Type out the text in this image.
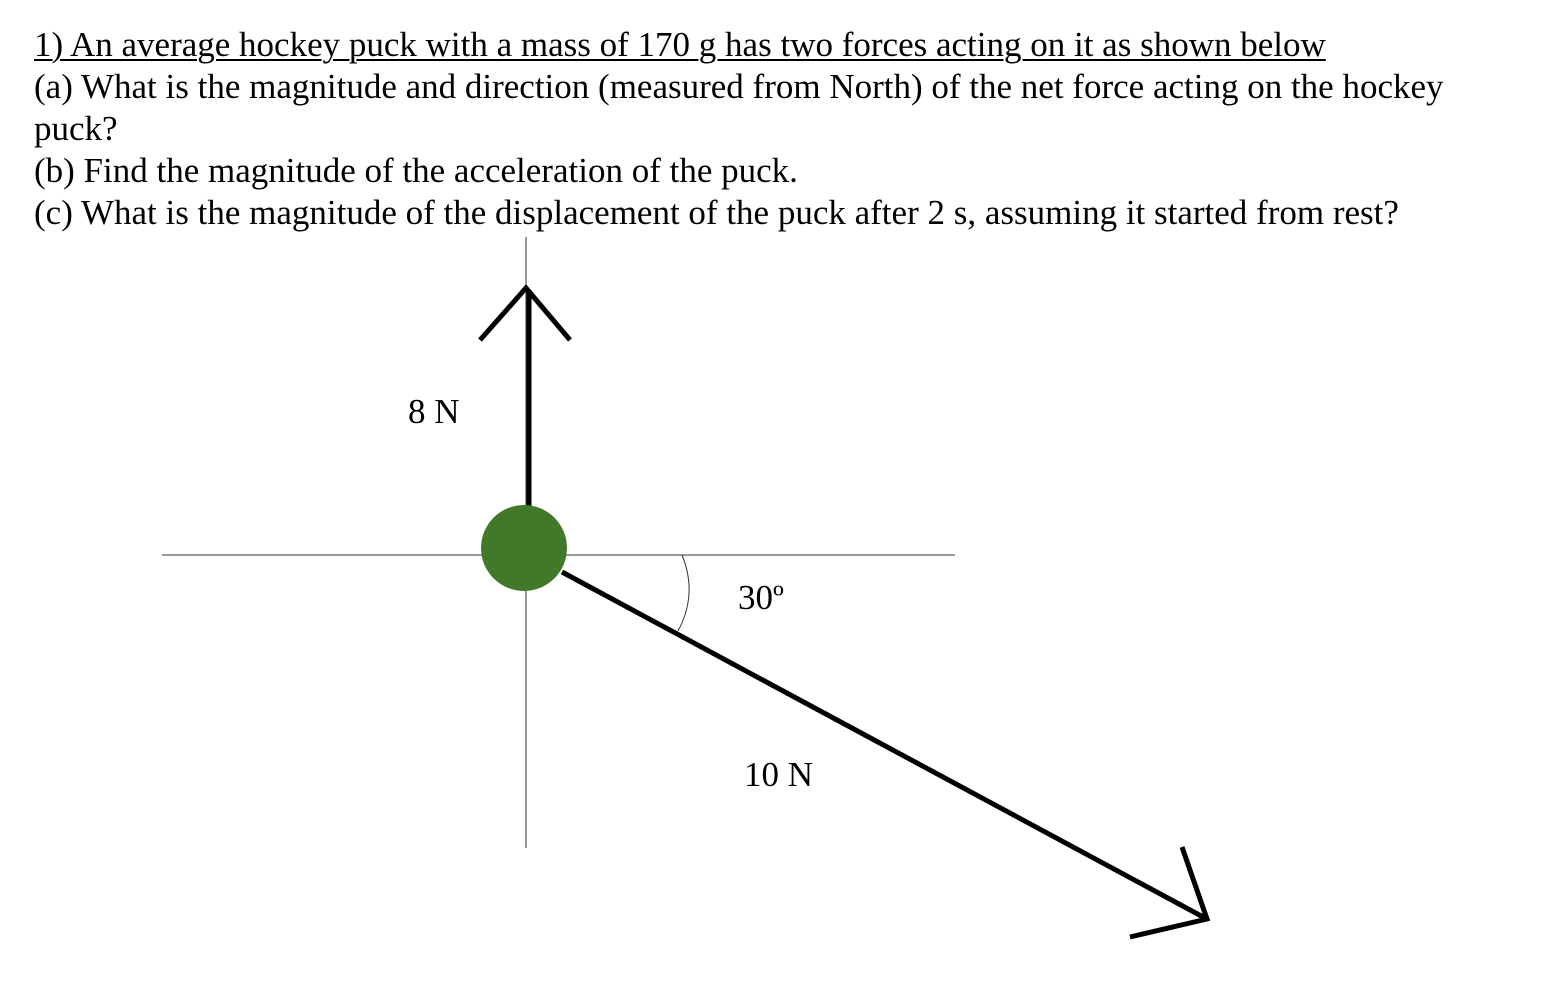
1) An average hockey puck with a mass of 170 g has two forces acting on it as shown below

(a) What is the magnitude and direction (measured from North) of the net force acting on the hockey

puck?

(b) Find the magnitude of the acceleration of the puck.

(c) What is the magnitude of the displacement of the puck after 2 s, assuming it started from rest?

8 N
30º
10 N
